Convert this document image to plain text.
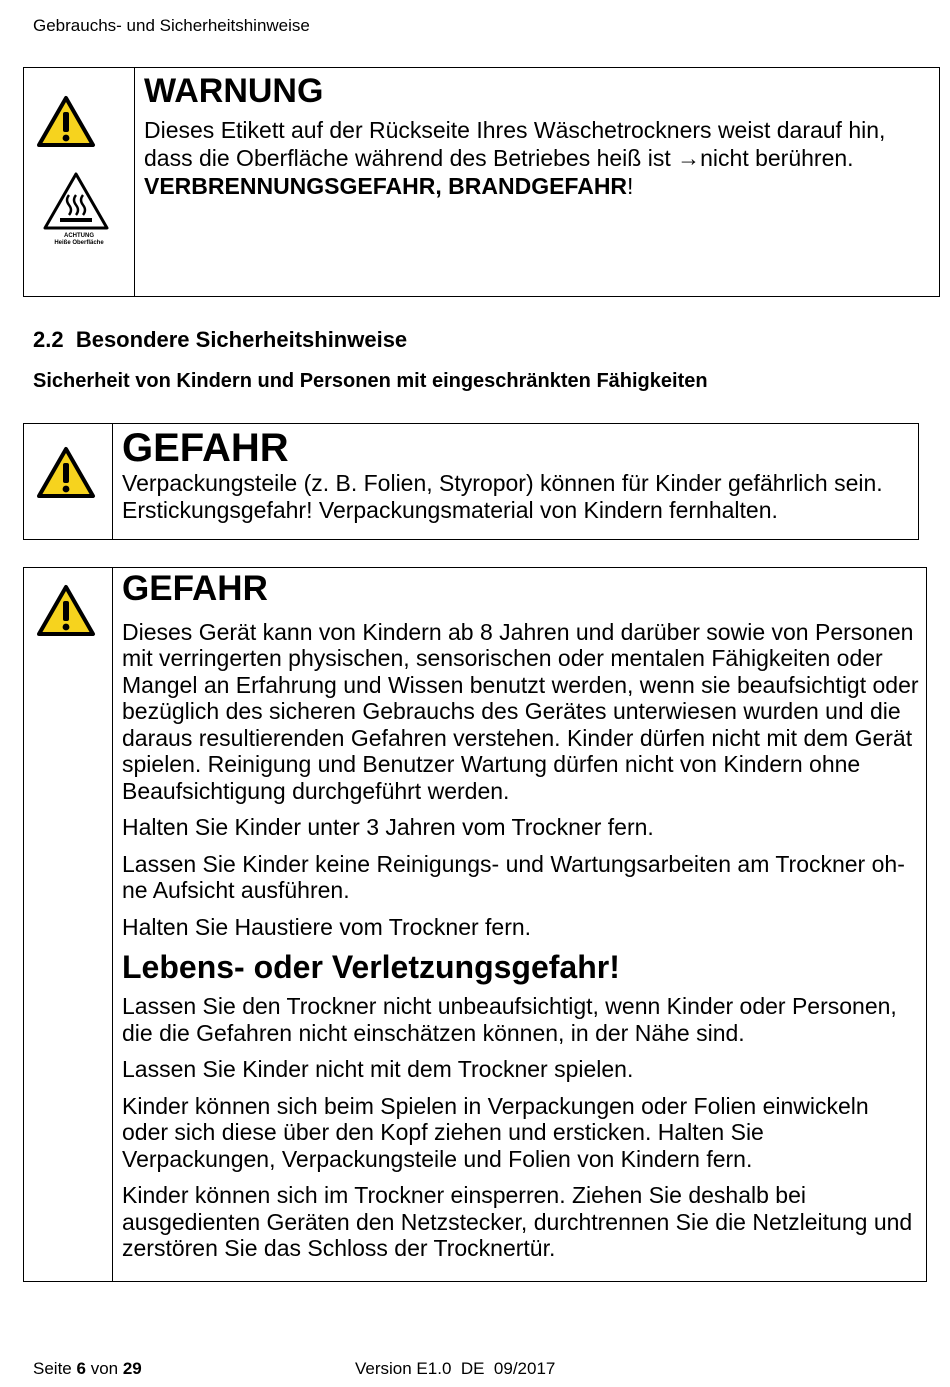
Gebrauchs- und Sicherheitshinweise
ACHTUNG
Heiße Oberfläche
WARNUNG

Dieses Etikett auf der Rückseite Ihres Wäschetrockners weist darauf hin, dass die Oberfläche während des Betriebes heiß ist →nicht berühren. VERBRENNUNGSGEFAHR, BRANDGEFAHR!

2.2 Besondere Sicherheitshinweise
Sicherheit von Kindern und Personen mit eingeschränkten Fähigkeiten
GEFAHR

Verpackungsteile (z. B. Folien, Styropor) können für Kinder gefährlich sein. Erstickungsgefahr! Verpackungsmaterial von Kindern fernhalten.

GEFAHR

Dieses Gerät kann von Kindern ab 8 Jahren und darüber sowie von Personen mit verringerten physischen, sensorischen oder mentalen Fähigkeiten oder Mangel an Erfahrung und Wissen benutzt werden, wenn sie beaufsichtigt oder bezüglich des sicheren Gebrauchs des Gerätes unterwiesen wurden und die daraus resultierenden Gefahren verstehen. Kinder dürfen nicht mit dem Gerät spielen. Reinigung und Benutzer Wartung dürfen nicht von Kindern ohne Beaufsichtigung durchgeführt werden.

Halten Sie Kinder unter 3 Jahren vom Trockner fern.

Lassen Sie Kinder keine Reinigungs- und Wartungsarbeiten am Trockner oh-ne Aufsicht ausführen.

Halten Sie Haustiere vom Trockner fern.

Lebens- oder Verletzungsgefahr!

Lassen Sie den Trockner nicht unbeaufsichtigt, wenn Kinder oder Personen, die die Gefahren nicht einschätzen können, in der Nähe sind.

Lassen Sie Kinder nicht mit dem Trockner spielen.

Kinder können sich beim Spielen in Verpackungen oder Folien einwickeln oder sich diese über den Kopf ziehen und ersticken. Halten Sie Verpackungen, Verpackungsteile und Folien von Kindern fern.

Kinder können sich im Trockner einsperren. Ziehen Sie deshalb bei ausgedienten Geräten den Netzstecker, durchtrennen Sie die Netzleitung und zerstören Sie das Schloss der Trocknertür.

Seite 6 von 29	Version E1.0  DE  09/2017
